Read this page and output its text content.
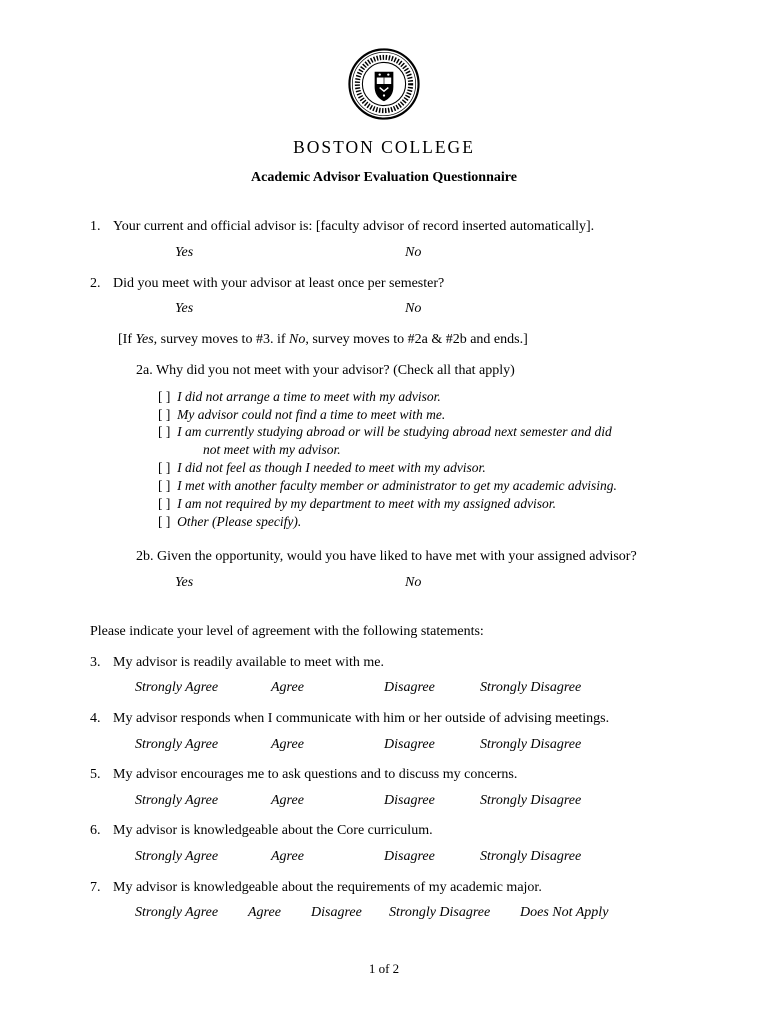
BOSTON COLLEGE
Academic Advisor Evaluation Questionnaire
1. Your current and official advisor is: [faculty advisor of record inserted automatically].
Yes	No
2. Did you meet with your advisor at least once per semester?
Yes	No
[If Yes, survey moves to #3. if No, survey moves to #2a & #2b and ends.]
2a. Why did you not meet with your advisor? (Check all that apply)
[ ] I did not arrange a time to meet with my advisor.
[ ] My advisor could not find a time to meet with me.
[ ] I am currently studying abroad or will be studying abroad next semester and did
not meet with my advisor.
[ ] I did not feel as though I needed to meet with my advisor.
[ ] I met with another faculty member or administrator to get my academic advising.
[ ] I am not required by my department to meet with my assigned advisor.
[ ] Other (Please specify).
2b. Given the opportunity, would you have liked to have met with your assigned advisor?
Yes	No
Please indicate your level of agreement with the following statements:
3. My advisor is readily available to meet with me.
Strongly Agree	Agree	Disagree	Strongly Disagree
4. My advisor responds when I communicate with him or her outside of advising meetings.
Strongly Agree	Agree	Disagree	Strongly Disagree
5. My advisor encourages me to ask questions and to discuss my concerns.
Strongly Agree	Agree	Disagree	Strongly Disagree
6. My advisor is knowledgeable about the Core curriculum.
Strongly Agree	Agree	Disagree	Strongly Disagree
7. My advisor is knowledgeable about the requirements of my academic major.
Strongly Agree Agree Disagree Strongly Disagree Does Not Apply
1 of 2
